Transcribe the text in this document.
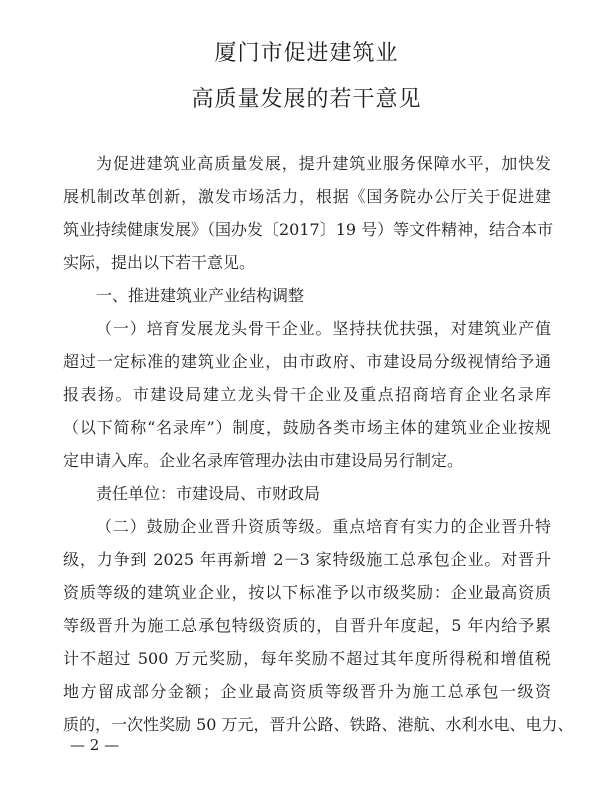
厦门市促进建筑业
高质量发展的若干意见
为促进建筑业高质量发展，提升建筑业服务保障水平，加快发
展机制改革创新，激发市场活力，根据《国务院办公厅关于促进建
筑业持续健康发展》（国办发〔2017〕19 号）等文件精神，结合本市
实际，提出以下若干意见。
一、推进建筑业产业结构调整
（一）培育发展龙头骨干企业。坚持扶优扶强，对建筑业产值
超过一定标准的建筑业企业，由市政府、市建设局分级视情给予通
报表扬。市建设局建立龙头骨干企业及重点招商培育企业名录库
（以下简称“名录库”）制度，鼓励各类市场主体的建筑业企业按规
定申请入库。企业名录库管理办法由市建设局另行制定。
责任单位：市建设局、市财政局
（二）鼓励企业晋升资质等级。重点培育有实力的企业晋升特
级，力争到 2025 年再新增 2－3 家特级施工总承包企业。对晋升
资质等级的建筑业企业，按以下标准予以市级奖励：企业最高资质
等级晋升为施工总承包特级资质的，自晋升年度起，5 年内给予累
计不超过 500 万元奖励，每年奖励不超过其年度所得税和增值税
地方留成部分金额；企业最高资质等级晋升为施工总承包一级资
质的，一次性奖励 50 万元，晋升公路、铁路、港航、水利水电、电力、
— 2 —
